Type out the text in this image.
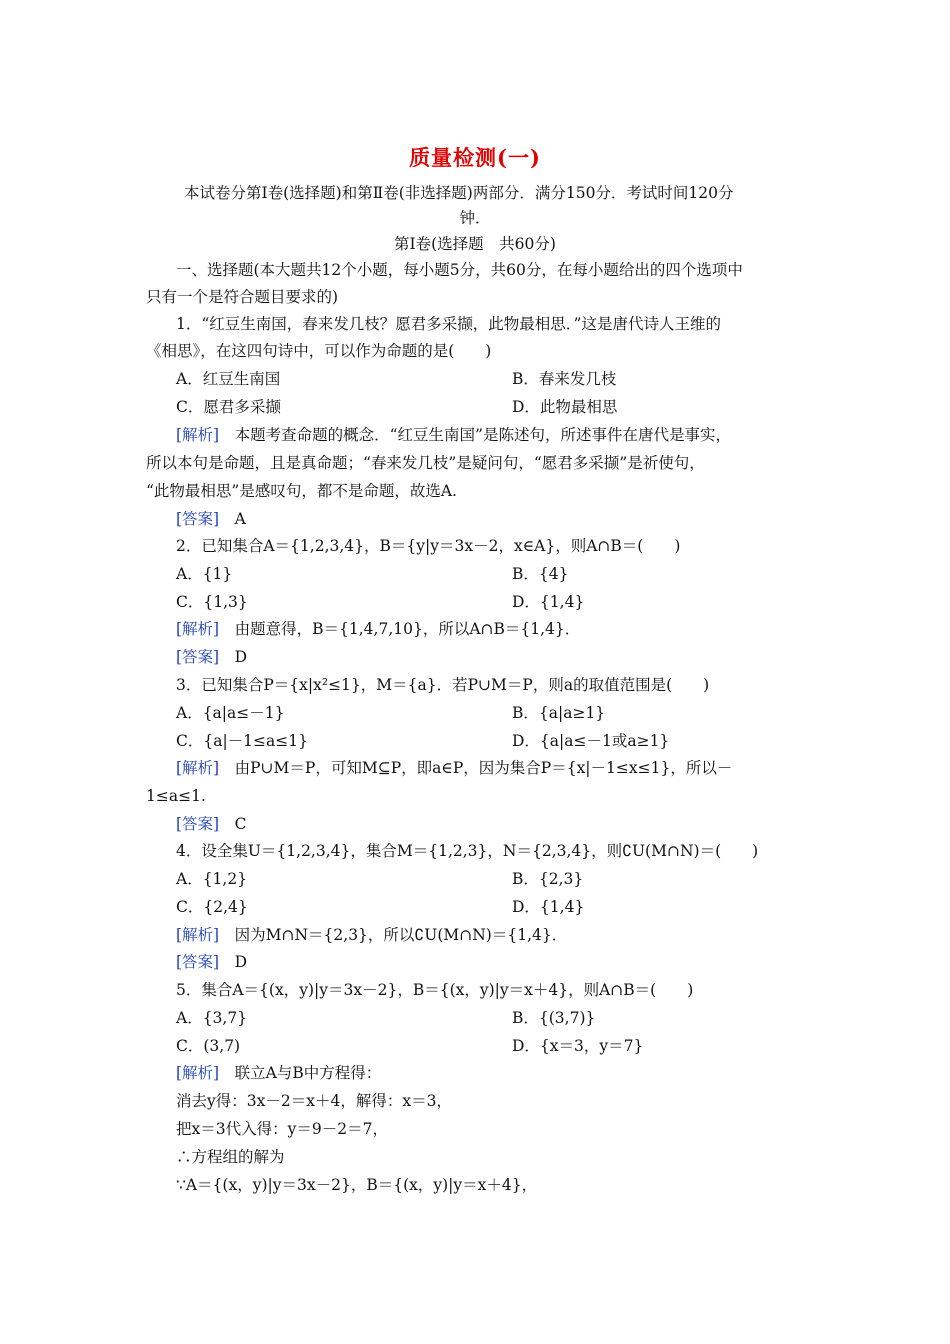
质量检测(一)
本试卷分第Ⅰ卷(选择题)和第Ⅱ卷(非选择题)两部分．满分150分．考试时间120分
钟．
第Ⅰ卷(选择题　共60分)
一、选择题(本大题共12个小题，每小题5分，共60分，在每小题给出的四个选项中
只有一个是符合题目要求的)
1．“红豆生南国，春来发几枝？愿君多采撷，此物最相思．”这是唐代诗人王维的
《相思》，在这四句诗中，可以作为命题的是(　　)
A．红豆生南国	B．春来发几枝
C．愿君多采撷	D．此物最相思
[解析]　 本题考查命题的概念．“红豆生南国”是陈述句，所述事件在唐代是事实，
所以本句是命题，且是真命题；“春来发几枝”是疑问句，“愿君多采撷”是祈使句，
“此物最相思”是感叹句，都不是命题，故选A.
[答案]　 A
2．已知集合A＝{1,2,3,4}，B＝{y|y＝3x－2，x∈A}，则A∩B＝(　　)
A．{1}	B．{4}
C．{1,3}	D．{1,4}
[解析]　 由题意得，B＝{1,4,7,10}，所以A∩B＝{1,4}．
[答案]　 D
3．已知集合P＝{x|x²≤1}，M＝{a}．若P∪M＝P，则a的取值范围是(　　)
A．{a|a≤－1}	B．{a|a≥1}
C．{a|－1≤a≤1}	D．{a|a≤－1或a≥1}
[解析]　 由P∪M＝P，可知M⊆P，即a∈P，因为集合P＝{x|－1≤x≤1}，所以－
1≤a≤1.
[答案]　 C
4．设全集U＝{1,2,3,4}，集合M＝{1,2,3}，N＝{2,3,4}，则∁U(M∩N)＝(　　)
A．{1,2}	B．{2,3}
C．{2,4}	D．{1,4}
[解析]　 因为M∩N＝{2,3}，所以∁U(M∩N)＝{1,4}．
[答案]　 D
5．集合A＝{(x，y)|y＝3x－2}，B＝{(x，y)|y＝x＋4}，则A∩B＝(　　)
A．{3,7}	B．{(3,7)}
C．(3,7)	D．{x＝3，y＝7}
[解析]　 联立A与B中方程得：
消去y得：3x－2＝x＋4，解得：x＝3，
把x＝3代入得：y＝9－2＝7，
∴方程组的解为
∵A＝{(x，y)|y＝3x－2}，B＝{(x，y)|y＝x＋4}，
